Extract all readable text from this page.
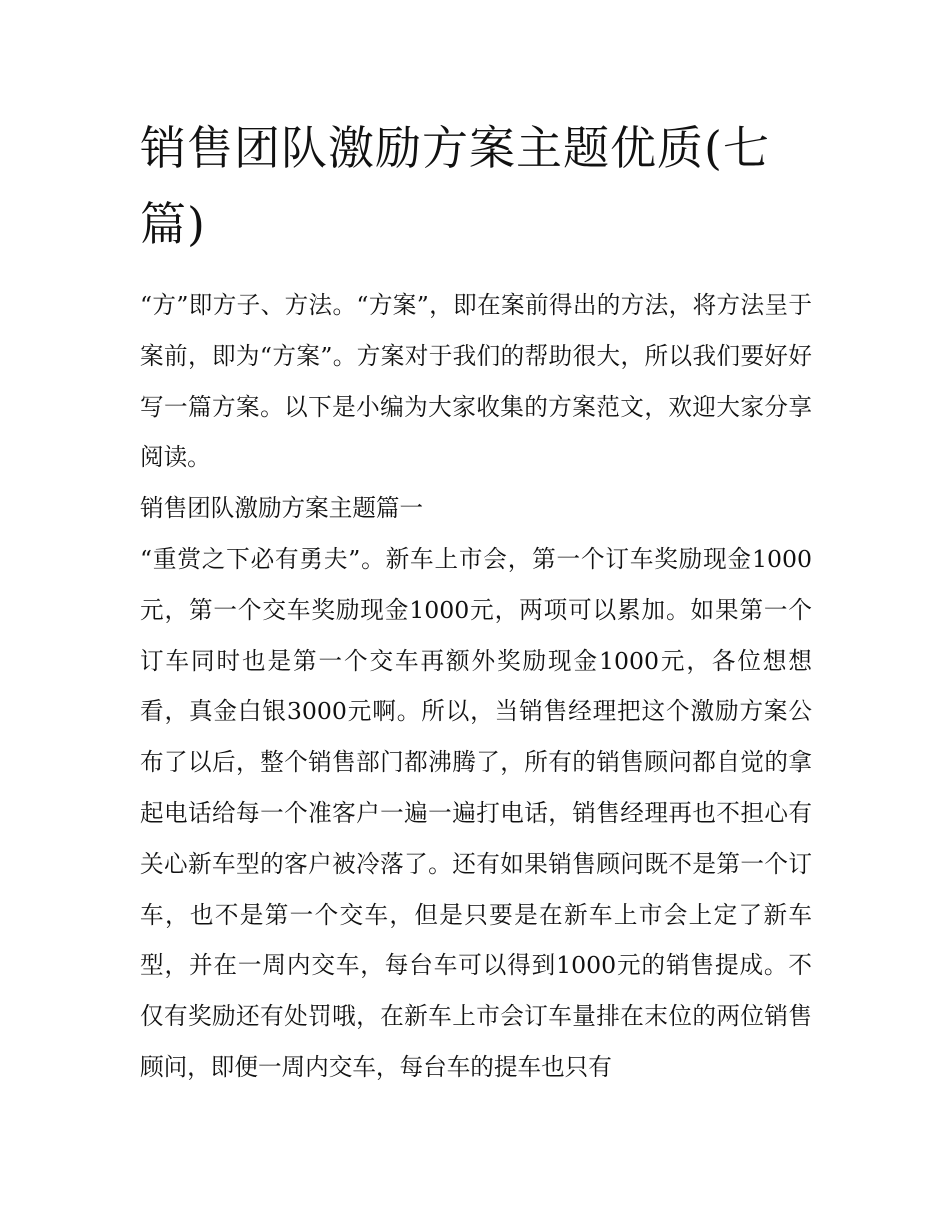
销售团队激励方案主题优质(七篇)

“方”即方子、方法。“方案”，即在案前得出的方法，将方法呈于案前，即为“方案”。方案对于我们的帮助很大，所以我们要好好写一篇方案。以下是小编为大家收集的方案范文，欢迎大家分享阅读。

销售团队激励方案主题篇一

“重赏之下必有勇夫”。新车上市会，第一个订车奖励现金1000元，第一个交车奖励现金1000元，两项可以累加。如果第一个订车同时也是第一个交车再额外奖励现金1000元，各位想想看，真金白银3000元啊。所以，当销售经理把这个激励方案公布了以后，整个销售部门都沸腾了，所有的销售顾问都自觉的拿起电话给每一个准客户一遍一遍打电话，销售经理再也不担心有关心新车型的客户被冷落了。还有如果销售顾问既不是第一个订车，也不是第一个交车，但是只要是在新车上市会上定了新车型，并在一周内交车，每台车可以得到1000元的销售提成。不仅有奖励还有处罚哦，在新车上市会订车量排在末位的两位销售顾问，即便一周内交车，每台车的提车也只有
